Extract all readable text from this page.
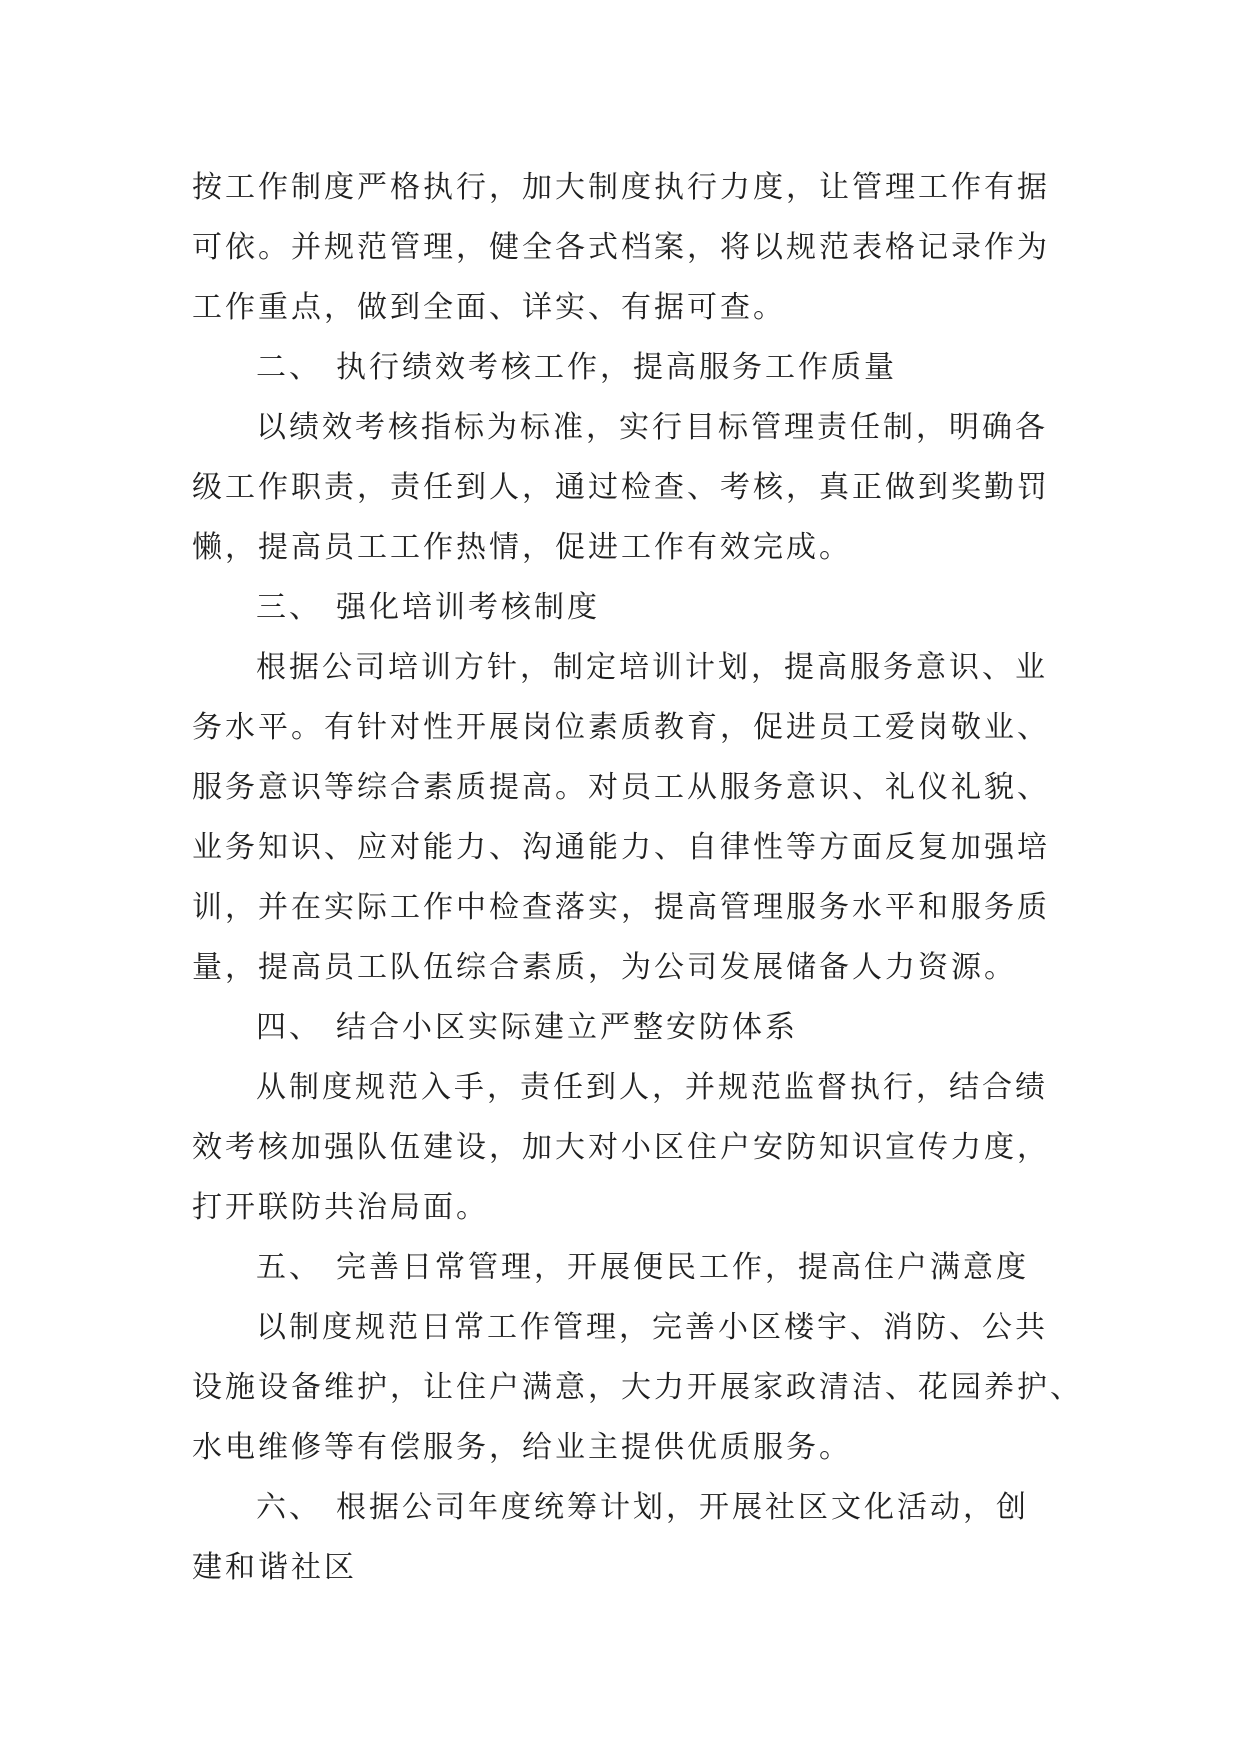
按工作制度严格执行，加大制度执行力度，让管理工作有据
可依。并规范管理，健全各式档案，将以规范表格记录作为
工作重点，做到全面、详实、有据可查。
二、 执行绩效考核工作，提高服务工作质量
以绩效考核指标为标准，实行目标管理责任制，明确各
级工作职责，责任到人，通过检查、考核，真正做到奖勤罚
懒，提高员工工作热情，促进工作有效完成。
三、 强化培训考核制度
根据公司培训方针，制定培训计划，提高服务意识、业
务水平。有针对性开展岗位素质教育，促进员工爱岗敬业、
服务意识等综合素质提高。对员工从服务意识、礼仪礼貌、
业务知识、应对能力、沟通能力、自律性等方面反复加强培
训，并在实际工作中检查落实，提高管理服务水平和服务质
量，提高员工队伍综合素质，为公司发展储备人力资源。
四、 结合小区实际建立严整安防体系
从制度规范入手，责任到人，并规范监督执行，结合绩
效考核加强队伍建设，加大对小区住户安防知识宣传力度，
打开联防共治局面。
五、 完善日常管理，开展便民工作，提高住户满意度
以制度规范日常工作管理，完善小区楼宇、消防、公共
设施设备维护，让住户满意，大力开展家政清洁、花园养护、
水电维修等有偿服务，给业主提供优质服务。
六、 根据公司年度统筹计划，开展社区文化活动，创
建和谐社区
